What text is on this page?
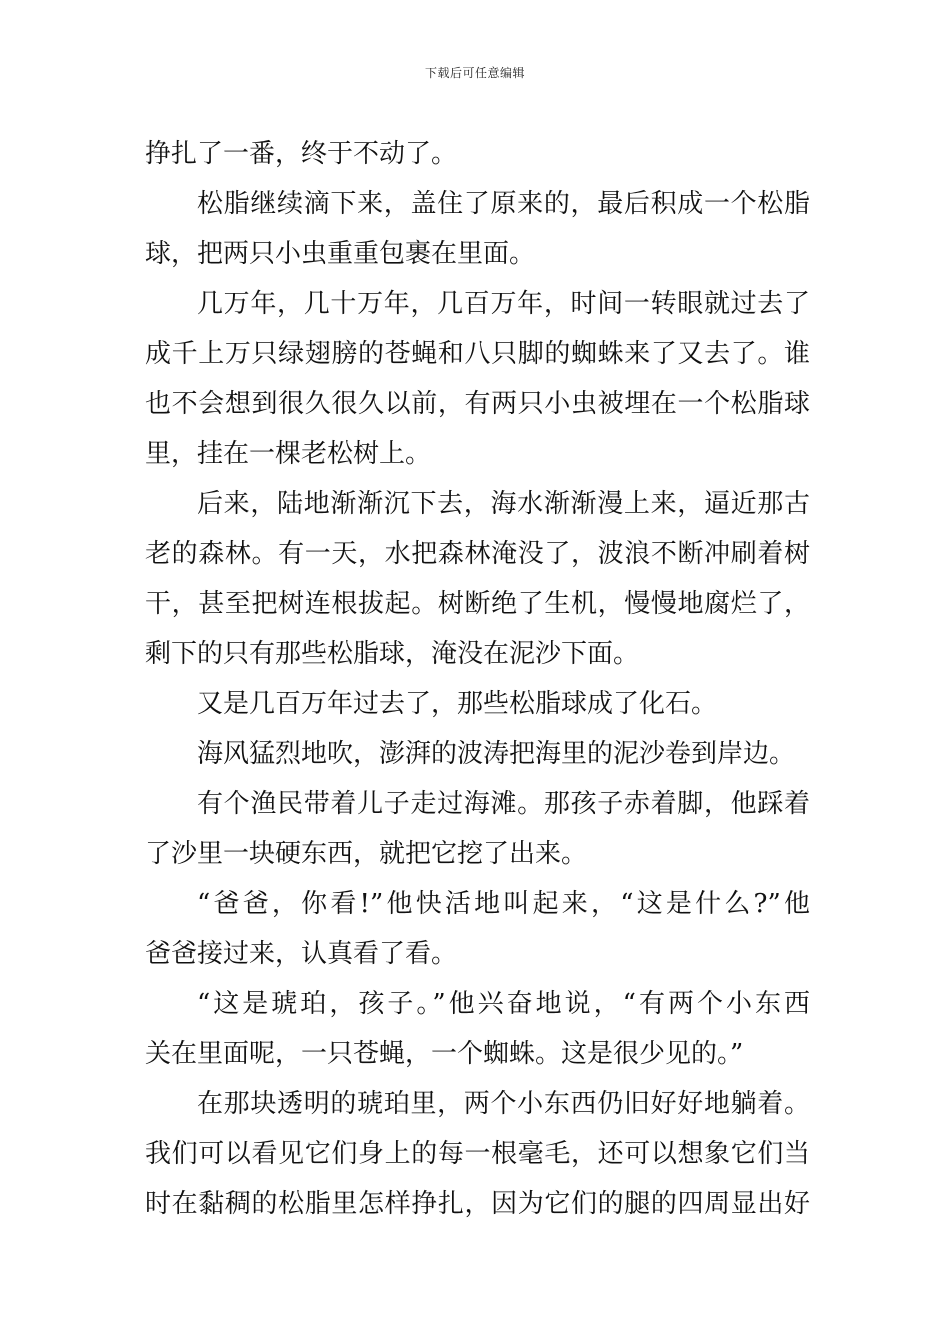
下载后可任意编辑
挣扎了一番，终于不动了。
松脂继续滴下来，盖住了原来的，最后积成一个松脂
球，把两只小虫重重包裹在里面。
几万年，几十万年，几百万年，时间一转眼就过去了
成千上万只绿翅膀的苍蝇和八只脚的蜘蛛来了又去了。谁
也不会想到很久很久以前，有两只小虫被埋在一个松脂球
里，挂在一棵老松树上。
后来，陆地渐渐沉下去，海水渐渐漫上来，逼近那古
老的森林。有一天，水把森林淹没了，波浪不断冲刷着树
干，甚至把树连根拔起。树断绝了生机，慢慢地腐烂了，
剩下的只有那些松脂球，淹没在泥沙下面。
又是几百万年过去了，那些松脂球成了化石。
海风猛烈地吹，澎湃的波涛把海里的泥沙卷到岸边。
有个渔民带着儿子走过海滩。那孩子赤着脚，他踩着
了沙里一块硬东西，就把它挖了出来。
“爸爸，你看!”他快活地叫起来，“这是什么?”他
爸爸接过来，认真看了看。
“这是琥珀，孩子。”他兴奋地说，“有两个小东西
关在里面呢，一只苍蝇，一个蜘蛛。这是很少见的。”
在那块透明的琥珀里，两个小东西仍旧好好地躺着。
我们可以看见它们身上的每一根毫毛，还可以想象它们当
时在黏稠的松脂里怎样挣扎，因为它们的腿的四周显出好
